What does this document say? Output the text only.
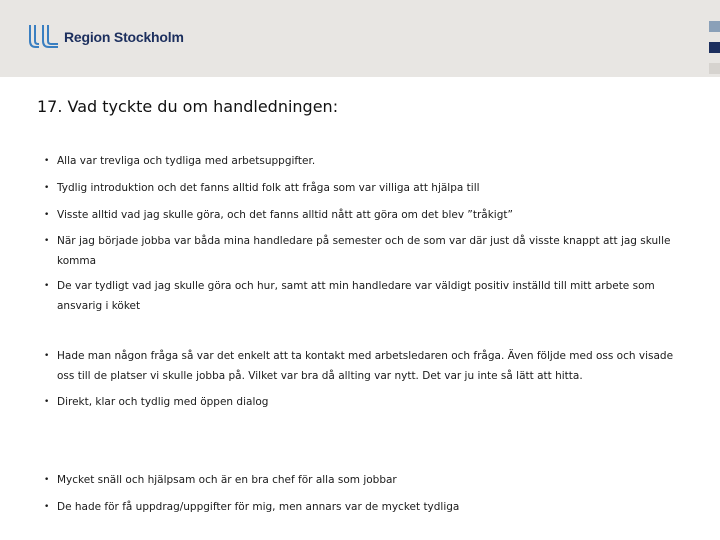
Region Stockholm
17. Vad tyckte du om handledningen:
• Alla var trevliga och tydliga med arbetsuppgifter.
• Tydlig introduktion och det fanns alltid folk att fråga som var villiga att hjälpa till
• Visste alltid vad jag skulle göra, och det fanns alltid nått att göra om det blev ”tråkigt”
• När jag började jobba var båda mina handledare på semester och de som var där just då visste knappt att jag skulle komma
• De var tydligt vad jag skulle göra och hur, samt att min handledare var väldigt positiv inställd till mitt arbete som ansvarig i köket
• Hade man någon fråga så var det enkelt att ta kontakt med arbetsledaren och fråga. Även följde med oss och visade oss till de platser vi skulle jobba på. Vilket var bra då allting var nytt. Det var ju inte så lätt att hitta.
• Direkt, klar och tydlig med öppen dialog
• Mycket snäll och hjälpsam och är en bra chef för alla som jobbar
• De hade för få uppdrag/uppgifter för mig, men annars var de mycket tydliga
